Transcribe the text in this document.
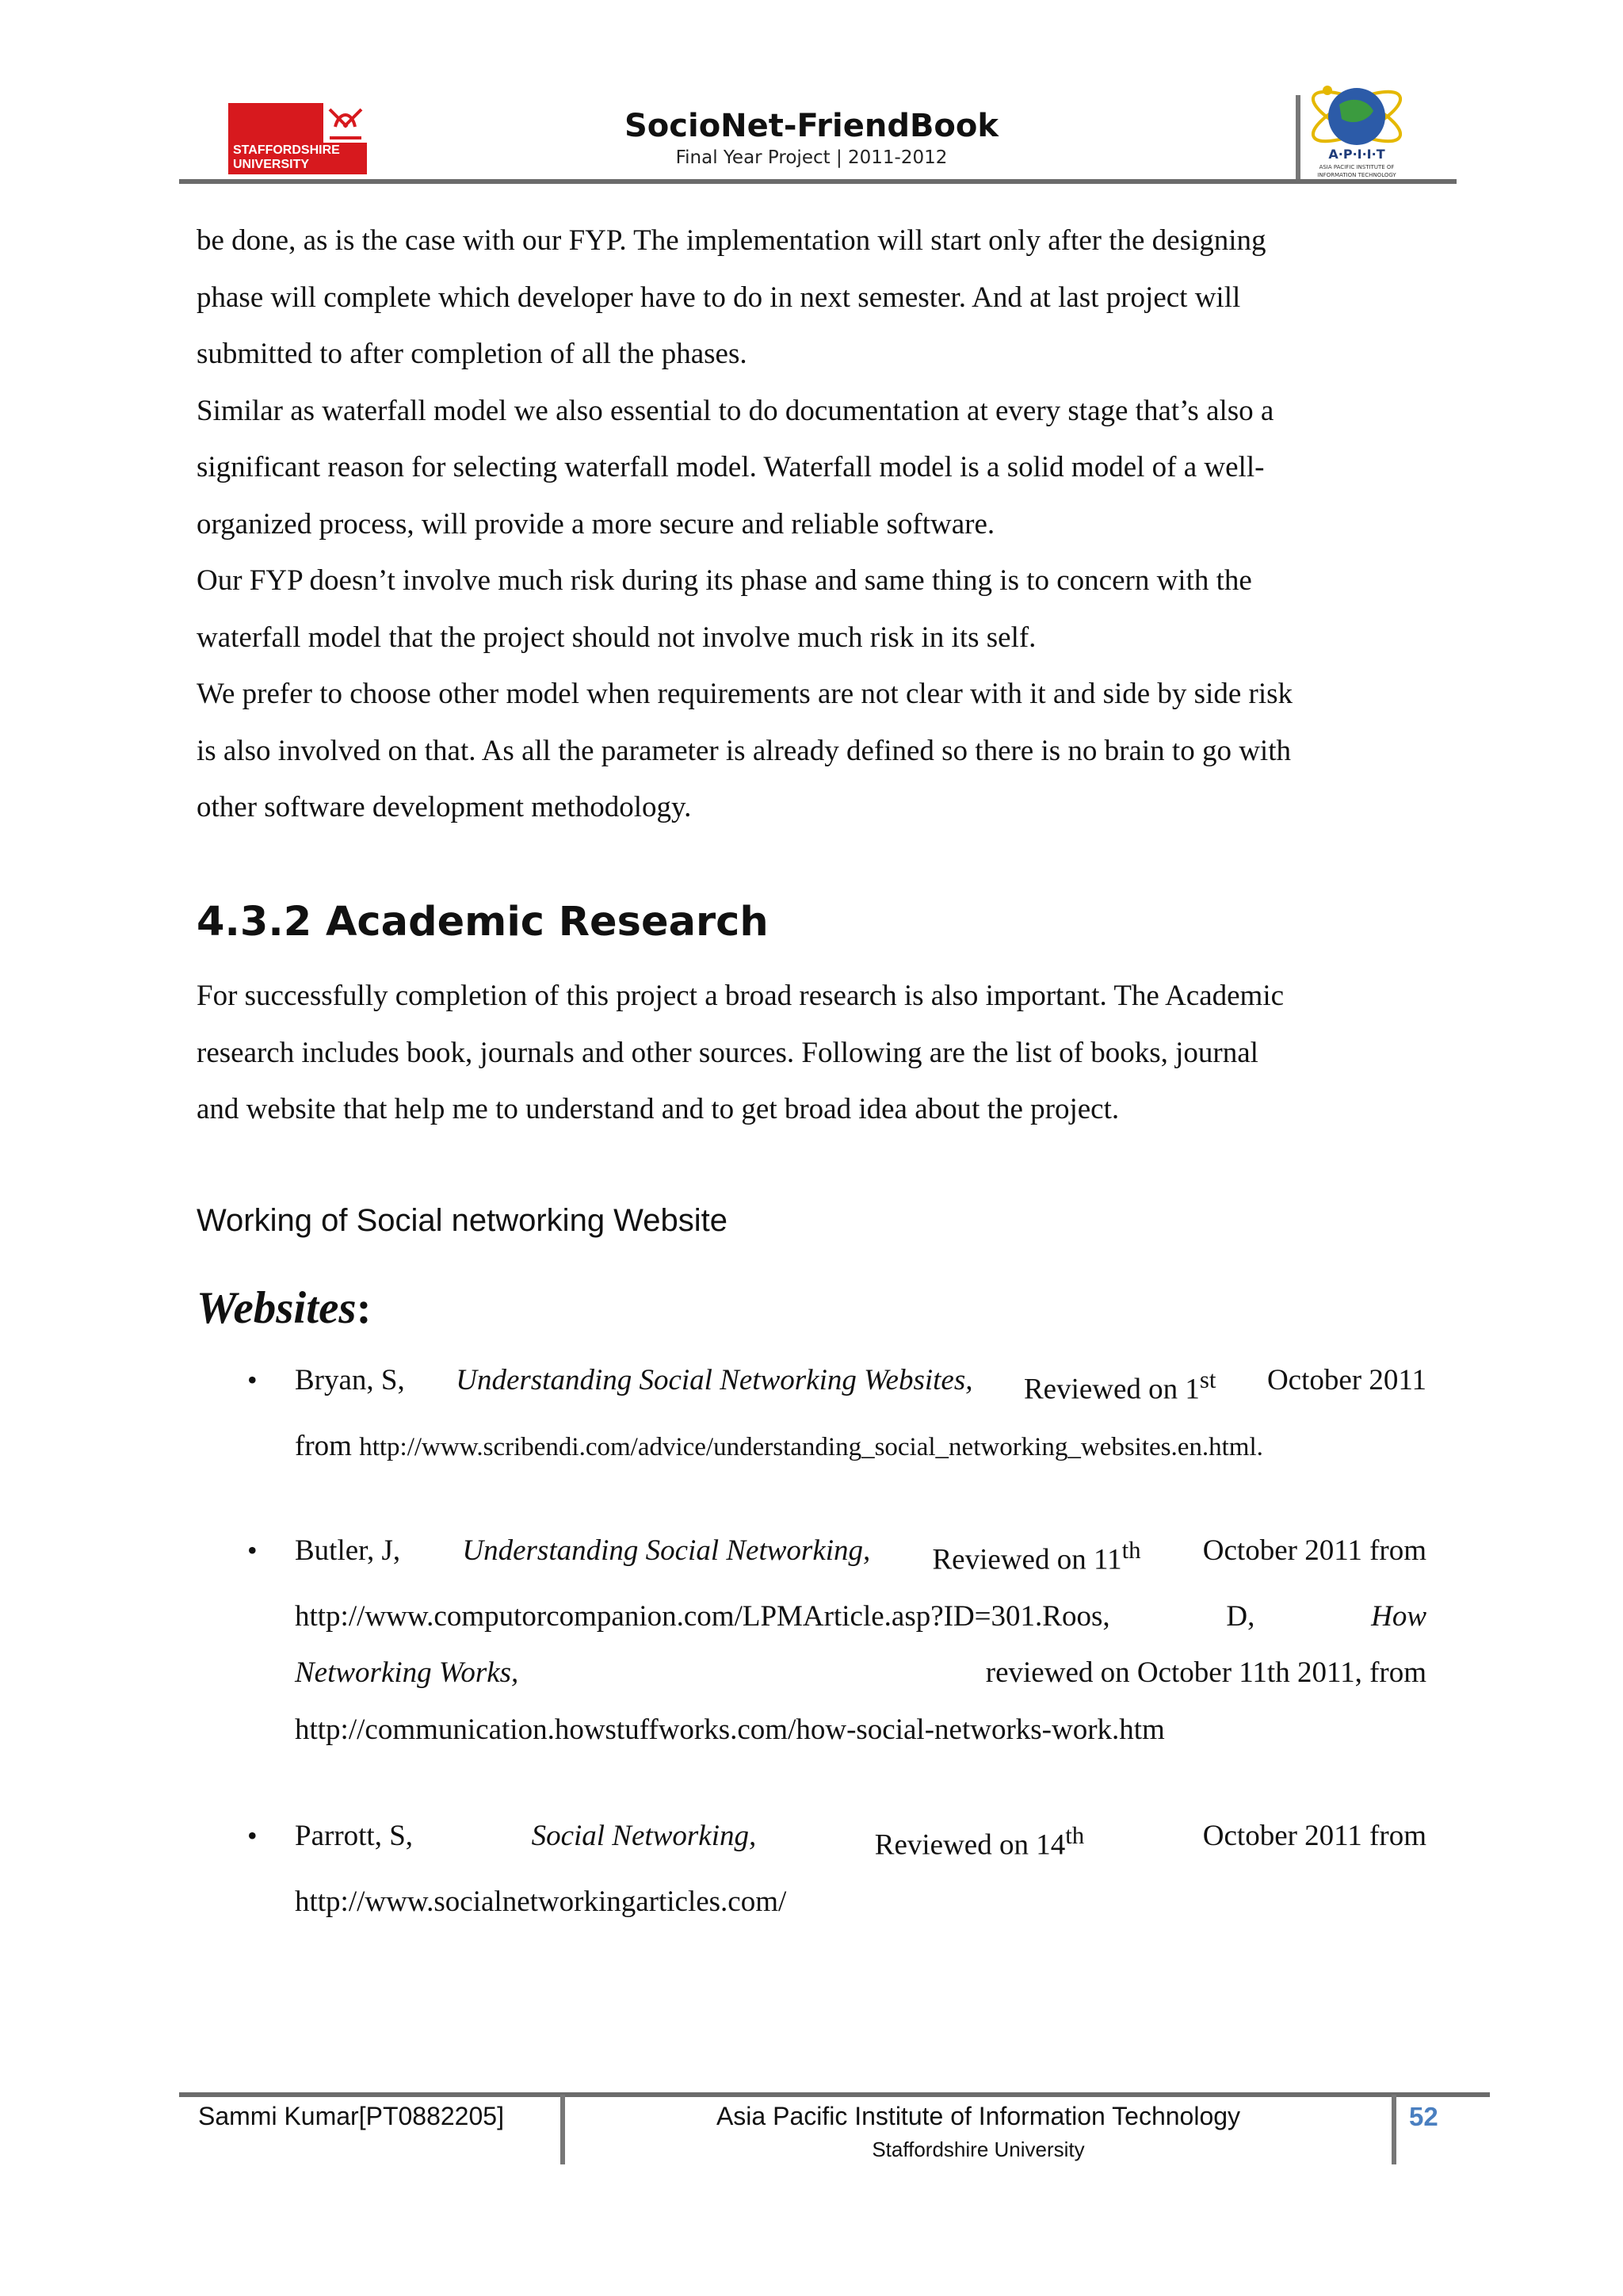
STAFFORDSHIRE
UNIVERSITY
SocioNet-FriendBook
Final Year Project | 2011-2012	A·P·I·I·T
ASIA PACIFIC INSTITUTE OF
INFORMATION TECHNOLOGY

be done, as is the case with our FYP. The implementation will start only after the designing
phase will complete which developer have to do in next semester. And at last project will
submitted to after completion of all the phases.

Similar as waterfall model we also essential to do documentation at every stage that’s also a
significant reason for selecting waterfall model. Waterfall model is a solid model of a well-
organized process, will provide a more secure and reliable software.

Our FYP doesn’t involve much risk during its phase and same thing is to concern with the
waterfall model that the project should not involve much risk in its self.

We prefer to choose other model when requirements are not clear with it and side by side risk
is also involved on that. As all the parameter is already defined so there is no brain to go with
other software development methodology.

4.3.2 Academic Research

For successfully completion of this project a broad research is also important. The Academic
research includes book, journals and other sources. Following are the list of books, journal
and website that help me to understand and to get broad idea about the project.

Working of Social networking Website
Websites:
• Bryan, S, Understanding Social Networking Websites, Reviewed on 1st October 2011
from http://www.scribendi.com/advice/understanding_social_networking_websites.en.html.
• Butler, J, Understanding Social Networking, Reviewed on 11th October 2011 from
http://www.computorcompanion.com/LPMArticle.asp?ID=301.Roos,	D,	How
Networking Works,	reviewed on October 11th 2011, from
http://communication.howstuffworks.com/how-social-networks-work.htm
• Parrott, S,	Social Networking,	Reviewed on 14th	October 2011 from
http://www.socialnetworkingarticles.com/
Sammi Kumar[PT0882205]	Asia Pacific Institute of Information Technology
Staffordshire University
52
